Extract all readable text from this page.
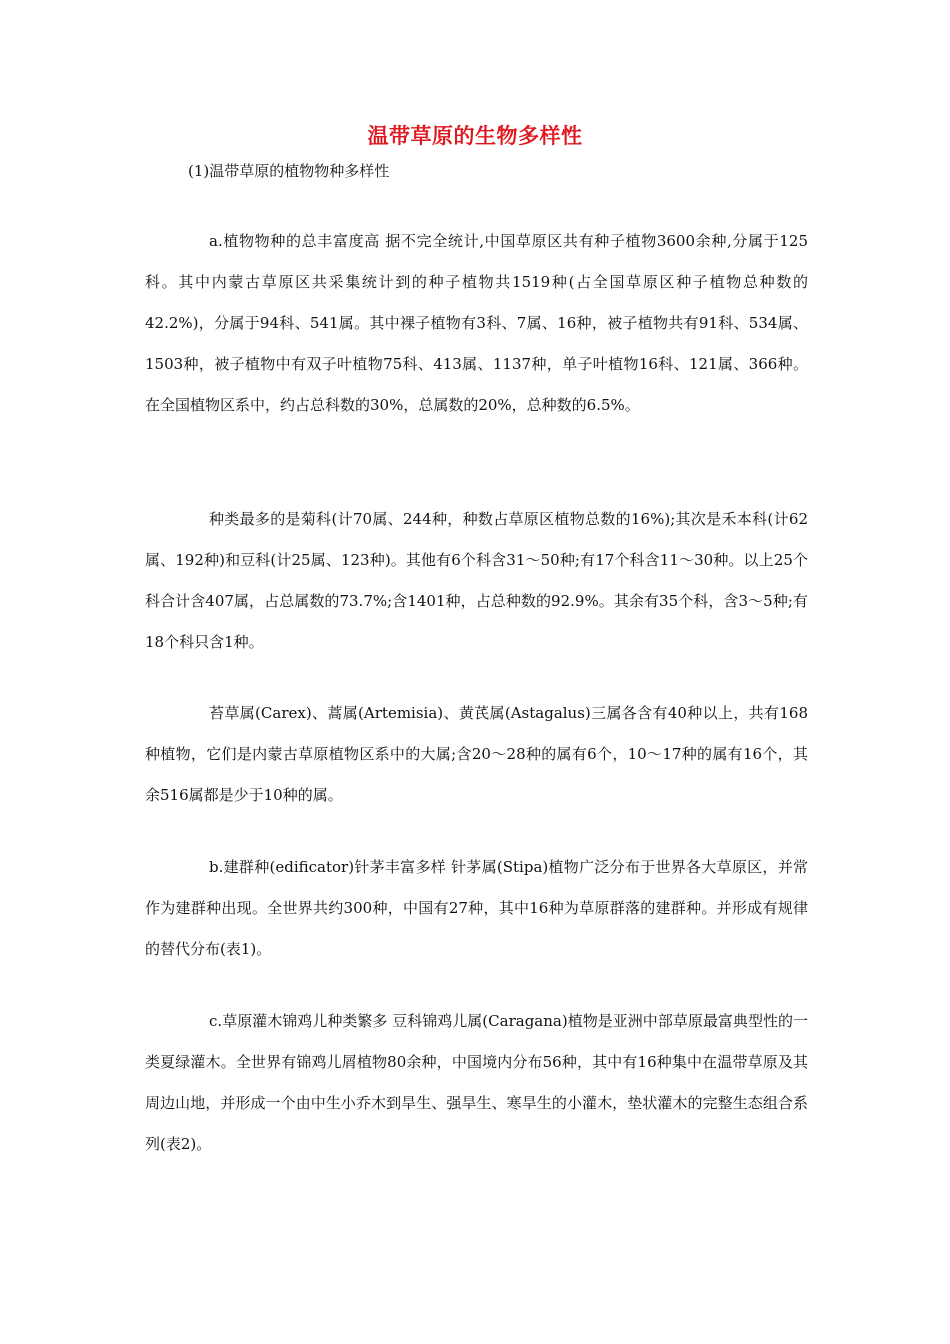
温带草原的生物多样性

(1)温带草原的植物物种多样性

a.植物物种的总丰富度高 据不完全统计,中国草原区共有种子植物3600余种,分属于125科。其中内蒙古草原区共采集统计到的种子植物共1519种(占全国草原区种子植物总种数的42.2%)，分属于94科、541属。其中裸子植物有3科、7属、16种，被子植物共有91科、534属、1503种，被子植物中有双子叶植物75科、413属、1137种，单子叶植物16科、121属、366种。在全国植物区系中，约占总科数的30%，总属数的20%，总种数的6.5%。

种类最多的是菊科(计70属、244种，种数占草原区植物总数的16%);其次是禾本科(计62属、192种)和豆科(计25属、123种)。其他有6个科含31～50种;有17个科含11～30种。以上25个科合计含407属，占总属数的73.7%;含1401种，占总种数的92.9%。其余有35个科，含3～5种;有18个科只含1种。

苔草属(Carex)、蒿属(Artemisia)、黄芪属(Astagalus)三属各含有40种以上，共有168种植物，它们是内蒙古草原植物区系中的大属;含20～28种的属有6个，10～17种的属有16个，其余516属都是少于10种的属。

b.建群种(edificator)针茅丰富多样 针茅属(Stipa)植物广泛分布于世界各大草原区，并常作为建群种出现。全世界共约300种，中国有27种，其中16种为草原群落的建群种。并形成有规律的替代分布(表1)。

c.草原灌木锦鸡儿种类繁多 豆科锦鸡儿属(Caragana)植物是亚洲中部草原最富典型性的一类夏绿灌木。全世界有锦鸡儿屑植物80余种，中国境内分布56种，其中有16种集中在温带草原及其周边山地，并形成一个由中生小乔木到旱生、强旱生、寒旱生的小灌木，垫状灌木的完整生态组合系列(表2)。
